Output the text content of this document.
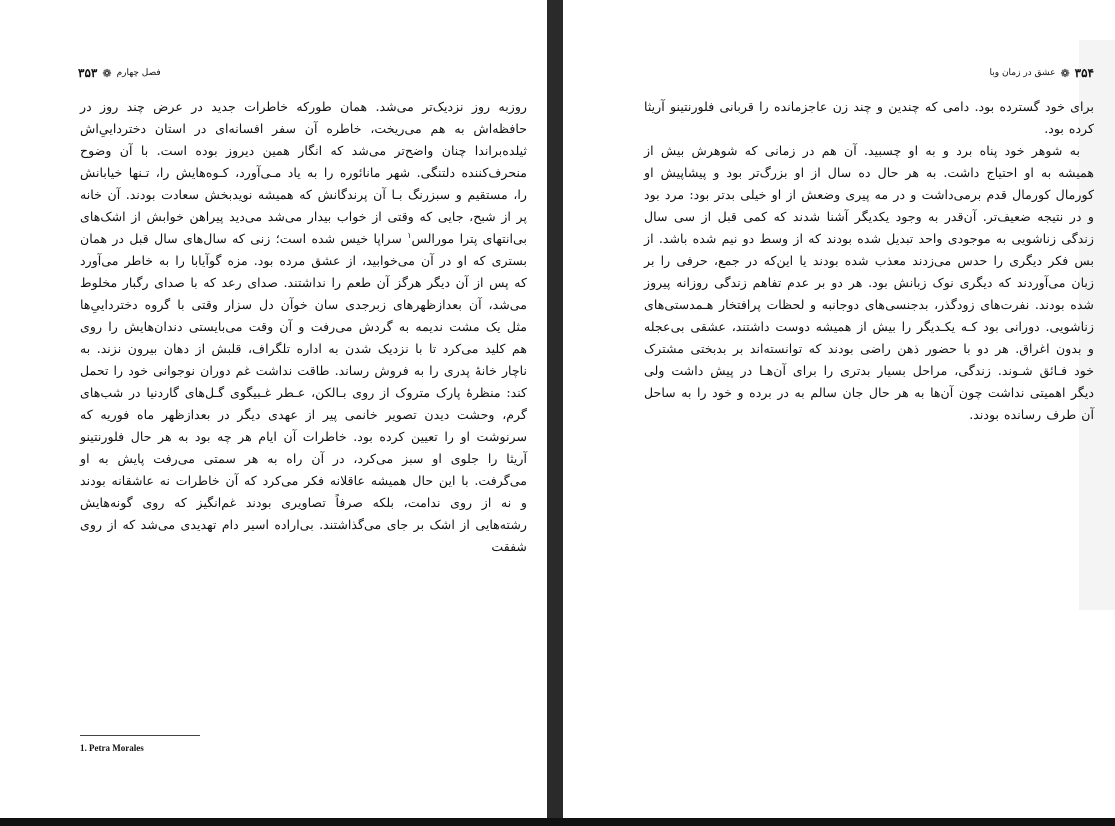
فصل چهارم
❁
۳۵۳

روزبه روز نزدیک‌تر می‌شد. همان طورکه خاطرات جدید در عرض چند روز در حافظه‌اش به هم می‌ریخت، خاطره آن سفر افسانه‌ای در استان دخترداییِ‌اش ثیلده‌براندا چنان واضح‌تر می‌شد که انگار همین دیروز بوده است. با آن وضوح منحرف‌کننده دلتنگی. شهر مانائوره را به یاد مـی‌آورد، کـوه‌هایش را، تـنها خیابانش را، مستقیم و سبزرنگ بـا آن پرندگانش که همیشه نویدبخش سعادت بودند. آن خانه پر از شبح، جایی که وقتی از خواب بیدار می‌شد می‌دید پیراهن خوابش از اشک‌های بی‌انتهای پترا مورالس$^۱$ سراپا خیس شده است؛ زنی که سال‌های سال قبل در همان بستری که او در آن می‌خوابید، از عشق مرده بود. مزه گوآیابا را به خاطر می‌آورد که پس از آن دیگر هرگز آن طعم را نداشتند. صدای رعد که با صدای رگبار مخلوط می‌شد، آن بعدازظهرهای زبرجدی سان خوآن دل سزار وقتی با گروه دخترداییِ‌ها مثل یک مشت ندیمه به گردش می‌رفت و آن وقت می‌بایستی دندان‌هایش را روی هم کلید می‌کرد تا با نزدیک شدن به اداره تلگراف، قلبش از دهان بیرون نزند. به ناچار خانهٔ پدری را به فروش رساند. طاقت نداشت غم دوران نوجوانی خود را تحمل کند: منظرهٔ پارک متروک از روی بـالکن، عـطر غـبیگوی گـل‌های گاردنیا در شب‌های گرم، وحشت دیدن تصویر خانمی پیر از عهدی دیگر در بعدازظهر ماه فوریه که سرنوشت او را تعیین کرده بود. خاطرات آن ایام هر چه بود به هر حال فلورنتینو آریثا را جلوی او سبز می‌کرد، در آن راه به هر سمتی می‌رفت پایش به او می‌گرفت. با این حال همیشه عاقلانه فکر می‌کرد که آن خاطرات نه عاشقانه بودند و نه از روی ندامت، بلکه صرفاً تصاویری بودند غم‌انگیز که روی گونه‌هایش رشته‌هایی از اشک بر جای می‌گذاشتند. بی‌اراده اسیر دام تهدیدی می‌شد که از روی شفقت

1. Petra Morales
۳۵۴
❁
عشق در زمان وبا

برای خود گسترده بود. دامی که چندین و چند زن عاجزمانده را قربانی فلورنتینو آریثا کرده بود.

به شوهر خود پناه برد و به او چسبید. آن هم در زمانی که شوهرش بیش از همیشه به او احتیاج داشت. به هر حال ده سال از او بزرگ‌تر بود و پیشاپیش او کورمال کورمال قدم برمی‌داشت و در مه پیری وضعش از او خیلی بدتر بود: مرد بود و در نتیجه ضعیف‌تر. آن‌قدر به وجود یکدیگر آشنا شدند که کمی قبل از سی سال زندگی زناشویی به موجودی واحد تبدیل شده بودند که از وسط دو نیم شده باشد. از بس فکر دیگری را حدس می‌زدند معذب شده بودند یا این‌که در جمع، حرفی را بر زبان می‌آوردند که دیگری نوک زبانش بود. هر دو بر عدم تفاهم زندگی روزانه پیروز شده بودند. نفرت‌های زودگذر، بدجنسی‌های دوجانبه و لحظات پرافتخار هـمدستی‌های زناشویی. دورانی بود کـه یکـدیگر را بیش از همیشه دوست داشتند، عشقی بی‌عجله و بدون اغراق. هر دو با حضور ذهن راضی بودند که توانسته‌اند بر بدبختی مشترک خود فـائق شـوند. زندگی، مراحل بسیار بدتری را برای آن‌هـا در پیش داشت ولی دیگر اهمیتی نداشت چون آن‌ها به هر حال جان سالم به در برده و خود را به ساحل آن طرف رسانده بودند.
